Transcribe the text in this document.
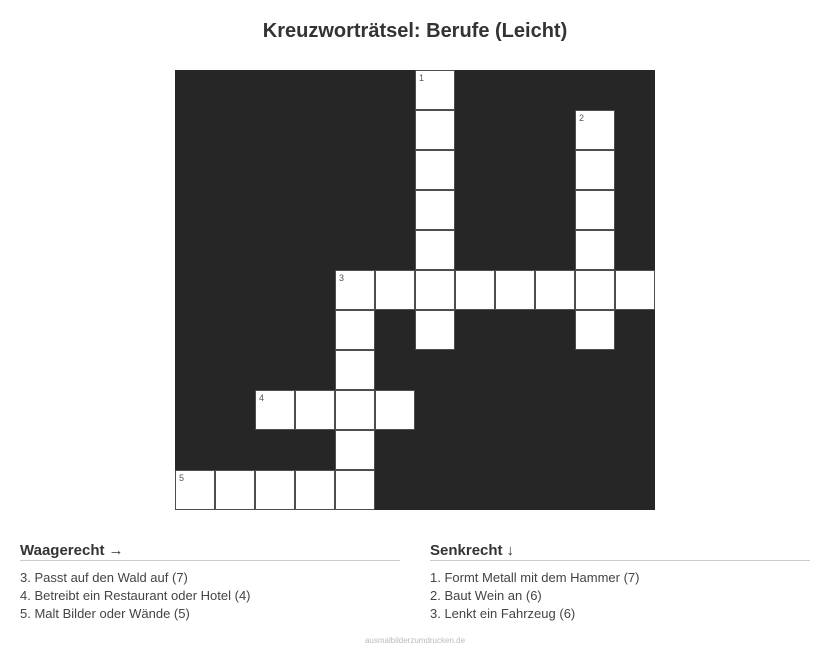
Kreuzworträtsel: Berufe (Leicht)
1
2
3
4
5
Waagerecht →
3. Passt auf den Wald auf (7)
4. Betreibt ein Restaurant oder Hotel (4)
5. Malt Bilder oder Wände (5)
Senkrecht ↓
1. Formt Metall mit dem Hammer (7)
2. Baut Wein an (6)
3. Lenkt ein Fahrzeug (6)
ausmalbilderzumdrucken.de
